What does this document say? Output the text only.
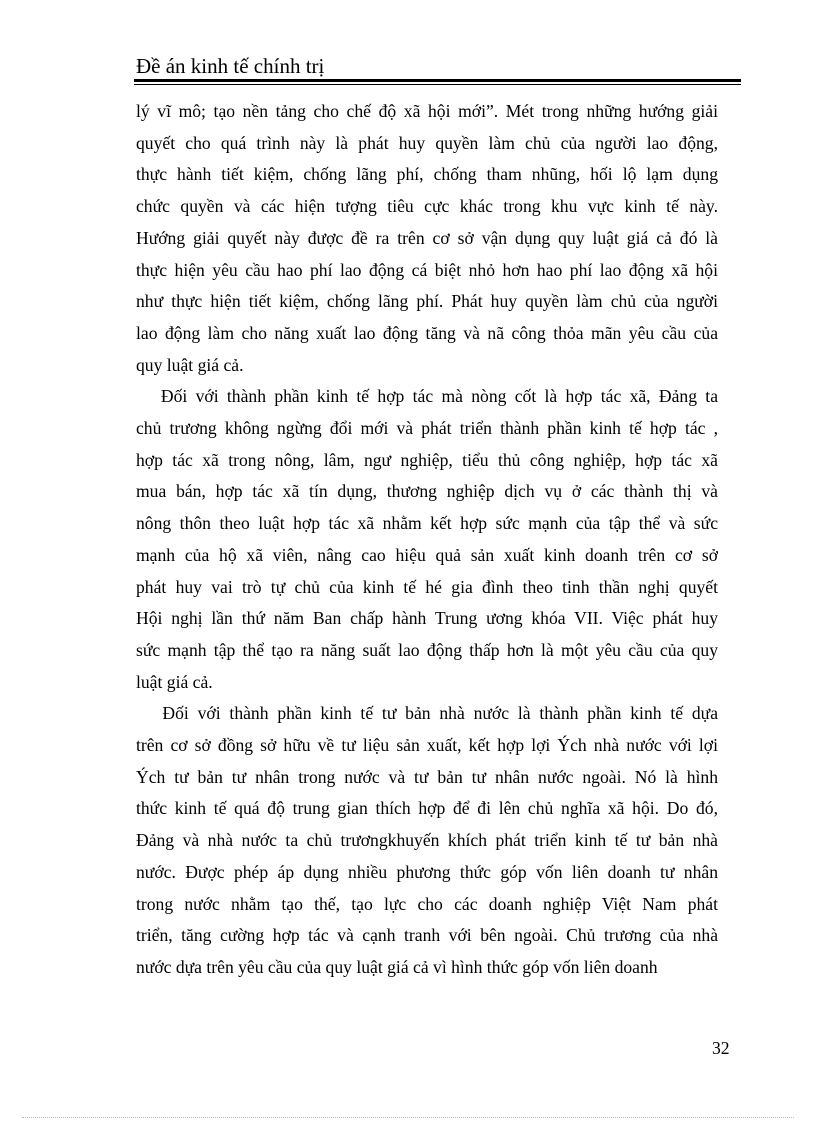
Đề án kinh tế chính trị

lý vĩ mô; tạo nền tảng cho chế độ xã hội mới”. Mét trong những hướng giải
quyết cho quá trình này là phát huy quyền làm chủ của người lao động,
thực hành tiết kiệm, chống lãng phí, chống tham nhũng, hối lộ lạm dụng
chức quyền và các hiện tượng tiêu cực khác trong khu vực kinh tế này.
Hướng giải quyết này được đề ra trên cơ sở vận dụng quy luật giá cả đó là
thực hiện yêu cầu hao phí lao động cá biệt nhỏ hơn hao phí lao động xã hội
như thực hiện tiết kiệm, chống lãng phí. Phát huy quyền làm chủ của người
lao động làm cho năng xuất lao động tăng và nã công thỏa mãn yêu cầu của
quy luật giá cả.

Đối với thành phần kinh tế hợp tác mà nòng cốt là hợp tác xã, Đảng ta
chủ trương không ngừng đổi mới và phát triển thành phần kinh tế hợp tác ,
hợp tác xã trong nông, lâm, ngư nghiệp, tiểu thủ công nghiệp, hợp tác xã
mua bán, hợp tác xã tín dụng, thương nghiệp dịch vụ ở các thành thị và
nông thôn theo luật hợp tác xã nhằm kết hợp sức mạnh của tập thể và sức
mạnh của hộ xã viên, nâng cao hiệu quả sản xuất kinh doanh trên cơ sở
phát huy vai trò tự chủ của kinh tế hé gia đình theo tinh thần nghị quyết
Hội nghị lần thứ năm Ban chấp hành Trung ương khóa VII. Việc phát huy
sức mạnh tập thể tạo ra năng suất lao động thấp hơn là một yêu cầu của quy
luật giá cả.

Đối với thành phần kinh tế tư bản nhà nước là thành phần kinh tế dựa
trên cơ sở đồng sở hữu về tư liệu sản xuất, kết hợp lợi Ých nhà nước với lợi
Ých tư bản tư nhân trong nước và tư bản tư nhân nước ngoài. Nó là hình
thức kinh tế quá độ trung gian thích hợp để đi lên chủ nghĩa xã hội. Do đó,
Đảng và nhà nước ta chủ trươngkhuyến khích phát triển kinh tế tư bản nhà
nước. Được phép áp dụng nhiều phương thức góp vốn liên doanh tư nhân
trong nước nhằm tạo thế, tạo lực cho các doanh nghiệp Việt Nam phát
triển, tăng cường hợp tác và cạnh tranh với bên ngoài. Chủ trương của nhà
nước dựa trên yêu cầu của quy luật giá cả vì hình thức góp vốn liên doanh

32
